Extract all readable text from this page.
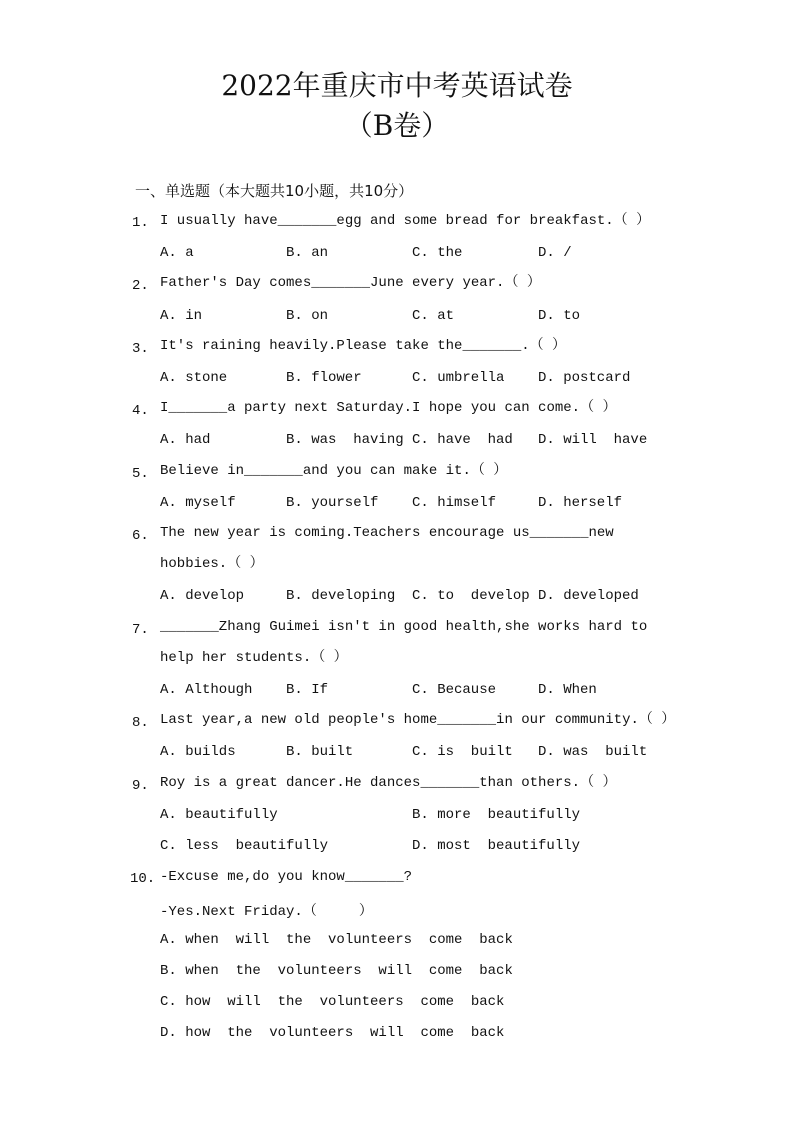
2022年重庆市中考英语试卷
（B卷）
一、单选题（本大题共10小题，共10分）
1. I usually have_______egg and some bread for breakfast.（ ）
A. a	B. an	C. the	D. /
2. Father's Day comes_______June every year.（ ）
A. in	B. on	C. at	D. to
3. It's raining heavily.Please take the_______.（ ）
A. stone	B. flower	C. umbrella D. postcard
4. I_______a party next Saturday.I hope you can come.（ ）
A. had	B. was  having C. have  had D. will  have
5. Believe in_______and you can make it.（ ）
A. myself	B. yourself C. himself	D. herself
6. The new year is coming.Teachers encourage us_______new hobbies.（ ）
A. develop	B. developing C. to  develop D. developed
7. _______Zhang Guimei isn't in good health,she works hard to help her students.（ ）
A. Although B. If	C. Because	D. When
8. Last year,a new old people's home_______in our community.（ ）
A. builds	B. built	C. is  built D. was  built
9. Roy is a great dancer.He dances_______than others.（ ）
A. beautifully	B. more  beautifully
C. less  beautifully	D. most  beautifully
10. -Excuse me,do you know_______?
-Yes.Next Friday.（     ）
A. when  will  the  volunteers  come  back
B. when  the  volunteers  will  come  back
C. how  will  the  volunteers  come  back
D. how  the  volunteers  will  come  back
